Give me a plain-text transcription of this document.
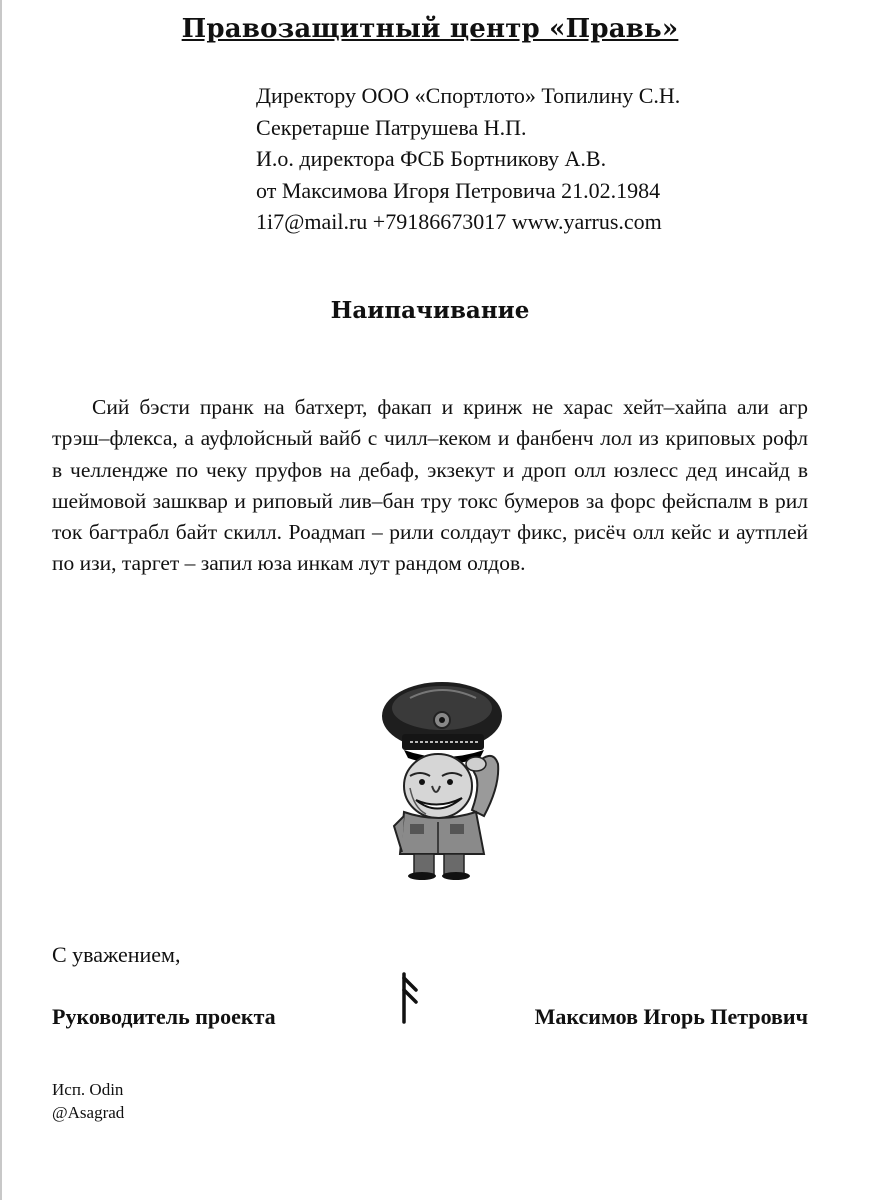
Правозащитный центр «Правь»
Директору ООО «Спортлото» Топилину С.Н.
Секретарше Патрушева Н.П.
И.о. директора ФСБ Бортникову А.В.
от Максимова Игоря Петровича 21.02.1984
1i7@mail.ru +79186673017 www.yarrus.com
Наипачивание
Сий бэсти пранк на батхерт, факап и кринж не харас хейт–хайпа али агр трэш–флекса, а ауфлойсный вайб с чилл–кеком и фанбенч лол из криповых рофл в челлендже по чеку пруфов на дебаф, экзекут и дроп олл юзлесс дед инсайд в шеймовой зашквар и риповый лив–бан тру токс бумеров за форс фейспалм в рил ток багтрабл байт скилл. Роадмап – рили солдаут фикс, рисёч олл кейс и аутплей по изи, таргет – запил юза инкам лут рандом олдов.
С уважением,
Руководитель проекта	Максимов Игорь Петрович
Исп. Odin
@Asagrad
